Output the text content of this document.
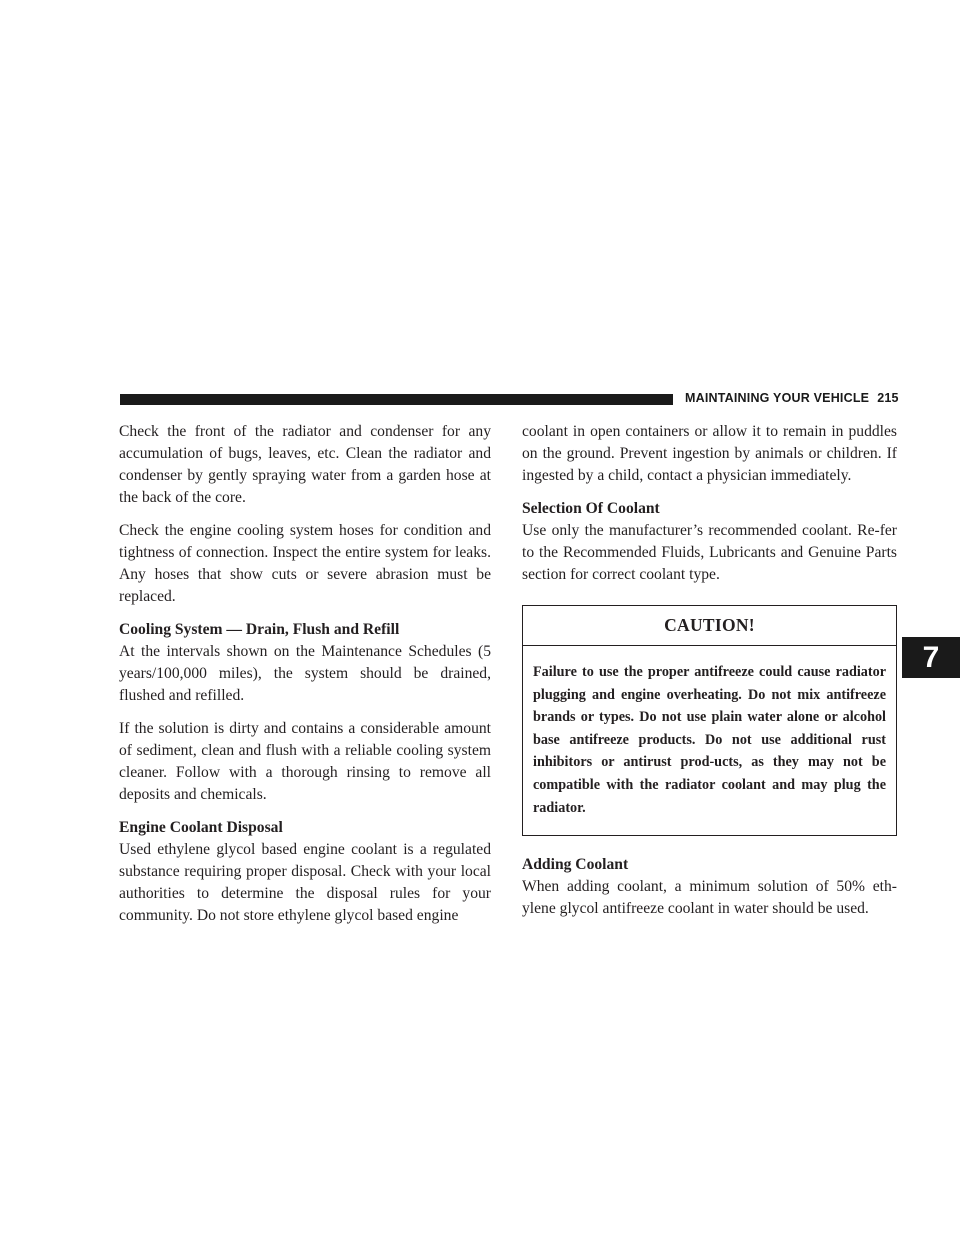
MAINTAINING YOUR VEHICLE 215

Check the front of the radiator and condenser for any accumulation of bugs, leaves, etc. Clean the radiator and condenser by gently spraying water from a garden hose at the back of the core.

Check the engine cooling system hoses for condition and tightness of connection. Inspect the entire system for leaks. Any hoses that show cuts or severe abrasion must be replaced.

Cooling System — Drain, Flush and Refill

At the intervals shown on the Maintenance Schedules (5 years/100,000 miles), the system should be drained, flushed and refilled.

If the solution is dirty and contains a considerable amount of sediment, clean and flush with a reliable cooling system cleaner. Follow with a thorough rinsing to remove all deposits and chemicals.

Engine Coolant Disposal

Used ethylene glycol based engine coolant is a regulated substance requiring proper disposal. Check with your local authorities to determine the disposal rules for your community. Do not store ethylene glycol based engine

coolant in open containers or allow it to remain in puddles on the ground. Prevent ingestion by animals or children. If ingested by a child, contact a physician immediately.

Selection Of Coolant

Use only the manufacturer’s recommended coolant. Re-fer to the Recommended Fluids, Lubricants and Genuine Parts section for correct coolant type.

CAUTION!
Failure to use the proper antifreeze could cause radiator plugging and engine overheating. Do not mix antifreeze brands or types. Do not use plain water alone or alcohol base antifreeze products. Do not use additional rust inhibitors or antirust prod-ucts, as they may not be compatible with the radiator coolant and may plug the radiator.
Adding Coolant

When adding coolant, a minimum solution of 50% eth-ylene glycol antifreeze coolant in water should be used.

7
